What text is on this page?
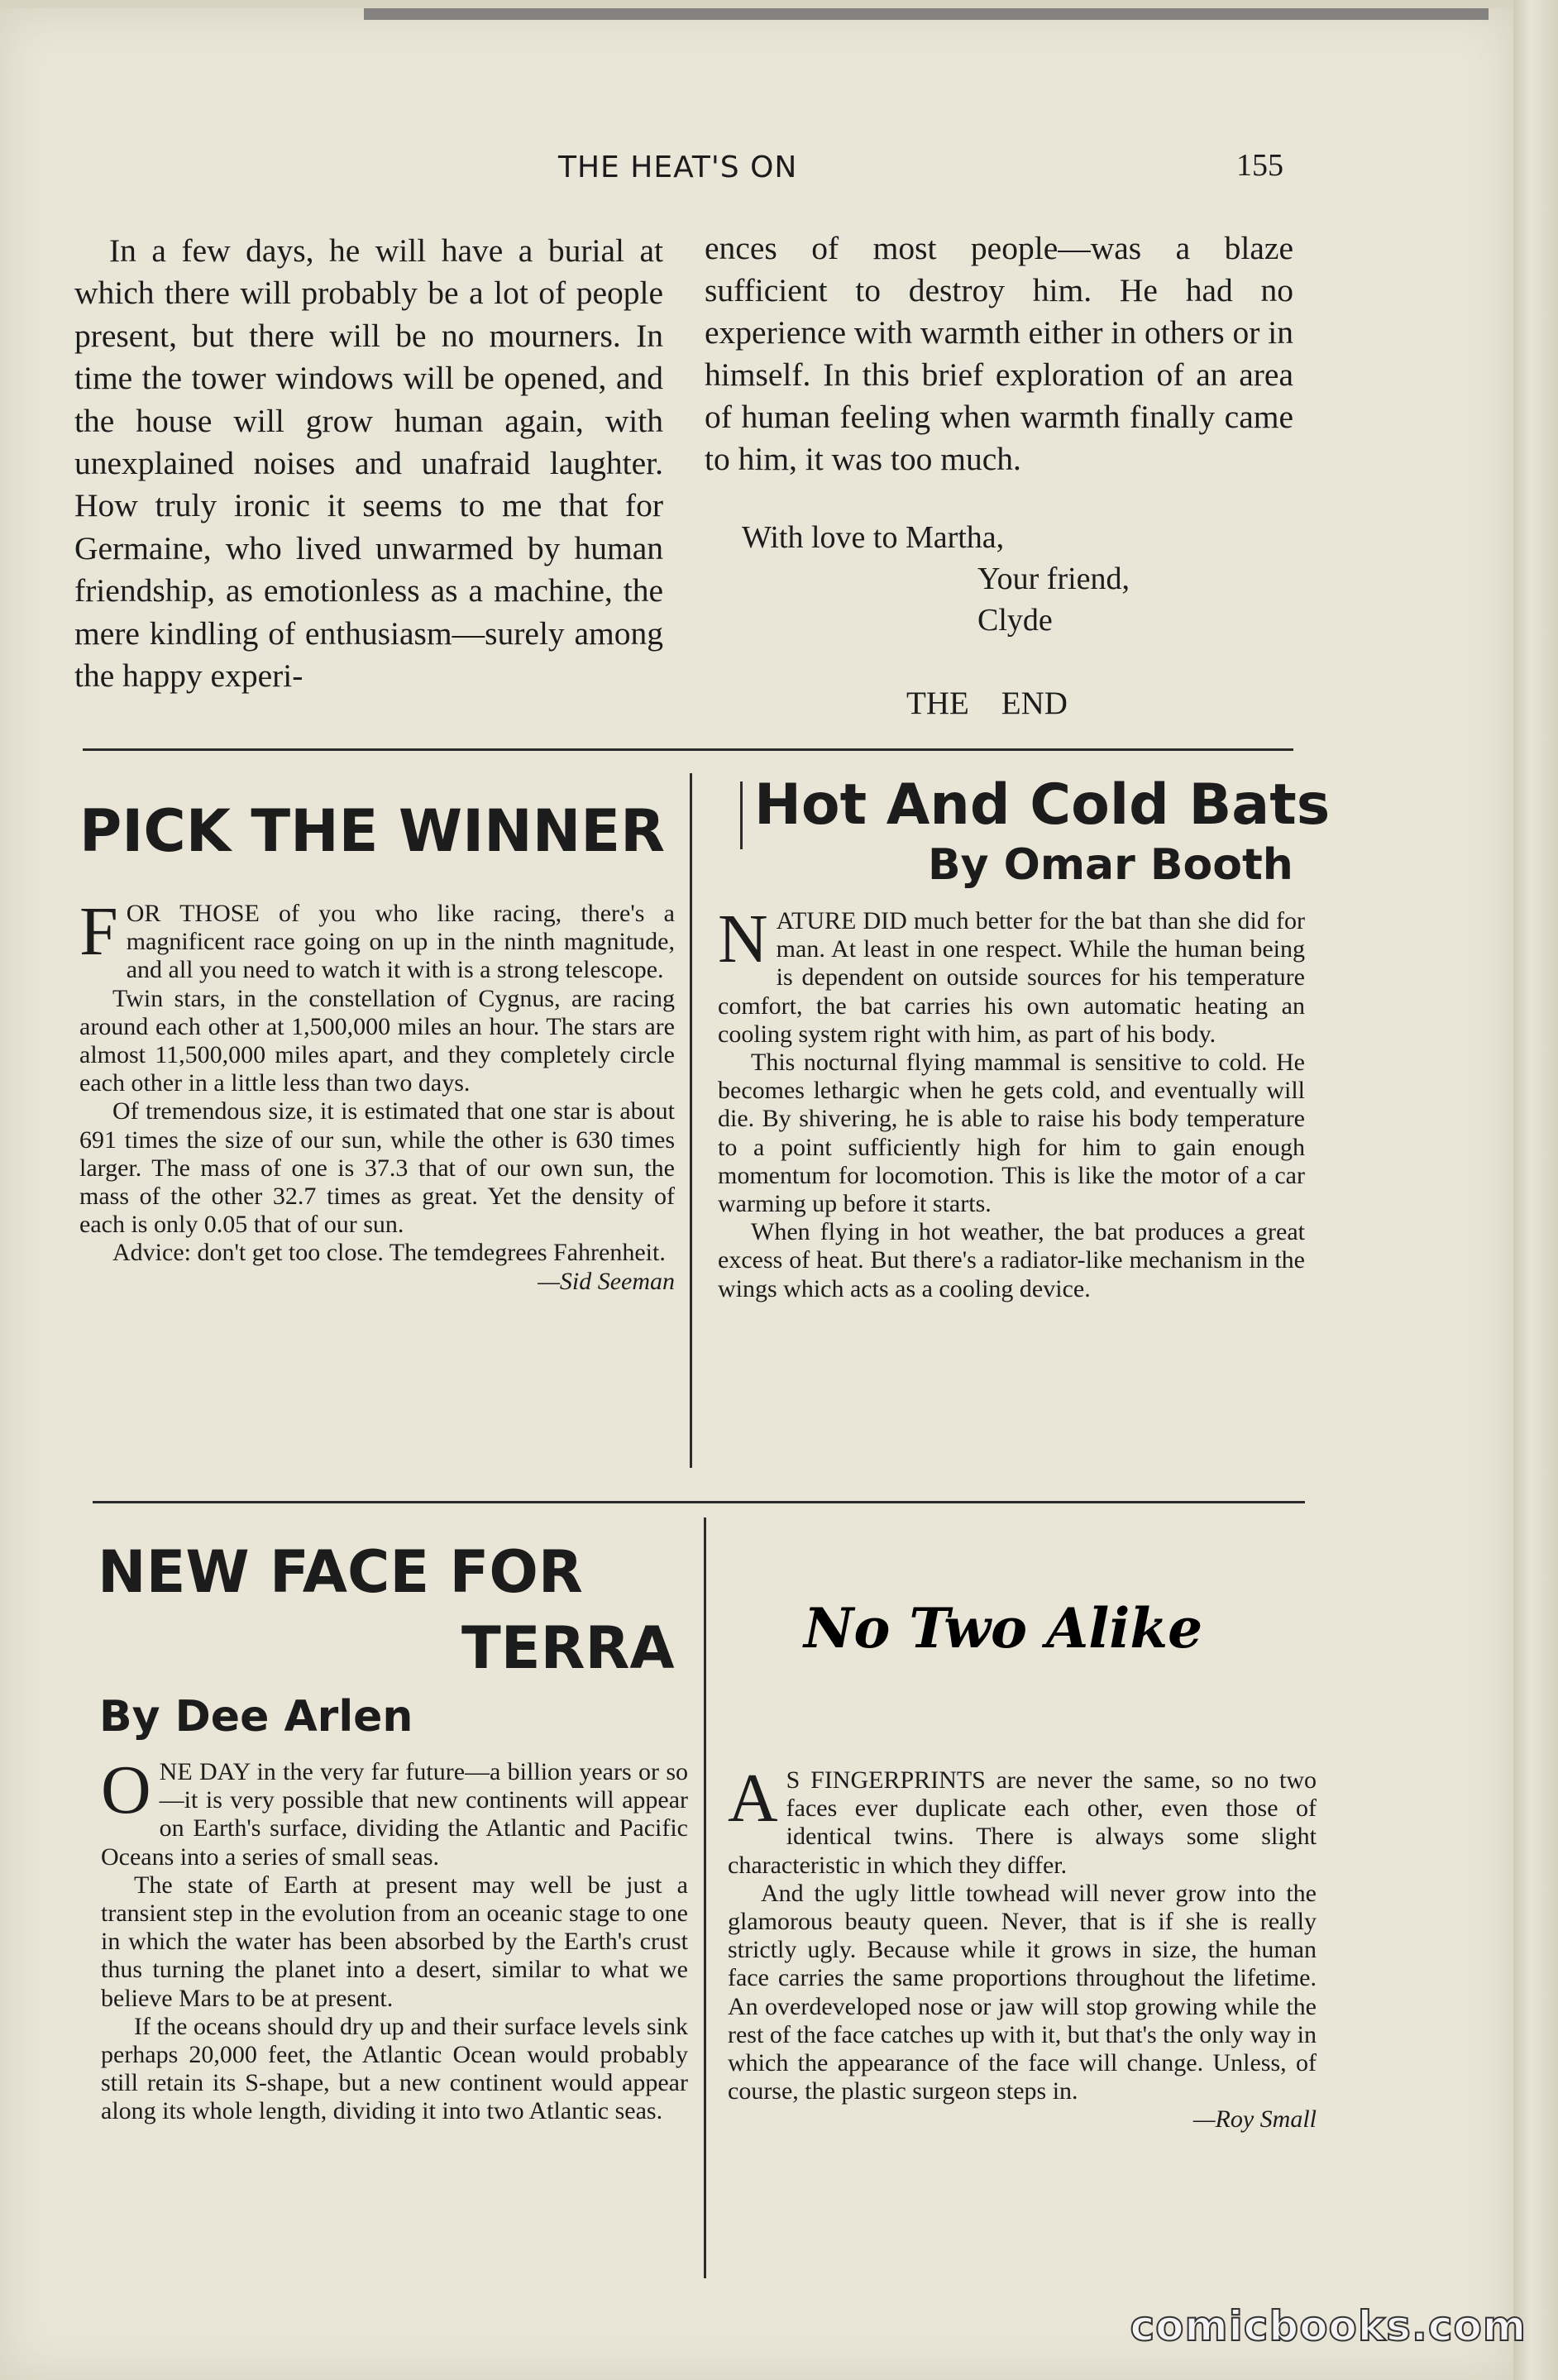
THE HEAT'S ON	155

In a few days, he will have a burial at which there will probably be a lot of people present, but there will be no mourners. In time the tower windows will be opened, and the house will grow human again, with unexplained noises and unafraid laughter. How truly ironic it seems to me that for Germaine, who lived unwarmed by human friendship, as emotionless as a machine, the mere kindling of enthusiasm—surely among the happy experi-

ences of most people—was a blaze sufficient to destroy him. He had no experience with warmth either in others or in himself. In this brief exploration of an area of human feeling when warmth finally came to him, it was too much.

With love to Martha,
Your friend,
Clyde
THE    END
PICK THE WINNER

FOR THOSE of you who like racing, there's a magnificent race going on up in the ninth magnitude, and all you need to watch it with is a strong telescope.

Twin stars, in the constellation of Cygnus, are racing around each other at 1,500,000 miles an hour. The stars are almost 11,500,000 miles apart, and they completely circle each other in a little less than two days.

Of tremendous size, it is estimated that one star is about 691 times the size of our sun, while the other is 630 times larger. The mass of one is 37.3 that of our own sun, the mass of the other 32.7 times as great. Yet the density of each is only 0.05 that of our sun.

Advice: don't get too close. The temdegrees Fahrenheit.

—Sid Seeman

Hot And Cold Bats
By Omar Booth

NATURE DID much better for the bat than she did for man. At least in one respect. While the human being is dependent on outside sources for his temperature comfort, the bat carries his own automatic heating an cooling system right with him, as part of his body.

This nocturnal flying mammal is sensitive to cold. He becomes lethargic when he gets cold, and eventually will die. By shivering, he is able to raise his body temperature to a point sufficiently high for him to gain enough momentum for locomotion. This is like the motor of a car warming up before it starts.

When flying in hot weather, the bat produces a great excess of heat. But there's a radiator-like mechanism in the wings which acts as a cooling device.

NEW FACE FOR
TERRA
By Dee Arlen

ONE DAY in the very far future—a billion years or so—it is very possible that new continents will appear on Earth's surface, dividing the Atlantic and Pacific Oceans into a series of small seas.

The state of Earth at present may well be just a transient step in the evolution from an oceanic stage to one in which the water has been absorbed by the Earth's crust thus turning the planet into a desert, similar to what we believe Mars to be at present.

If the oceans should dry up and their surface levels sink perhaps 20,000 feet, the Atlantic Ocean would probably still retain its S-shape, but a new continent would appear along its whole length, dividing it into two Atlantic seas.

No Two Alike

A S FINGERPRINTS are never the same, so no two faces ever duplicate each other, even those of identical twins. There is always some slight characteristic in which they differ.

And the ugly little towhead will never grow into the glamorous beauty queen. Never, that is if she is really strictly ugly. Because while it grows in size, the human face carries the same proportions throughout the lifetime. An overdeveloped nose or jaw will stop growing while the rest of the face catches up with it, but that's the only way in which the appearance of the face will change. Unless, of course, the plastic surgeon steps in.

—Roy Small

comicbooks.com
